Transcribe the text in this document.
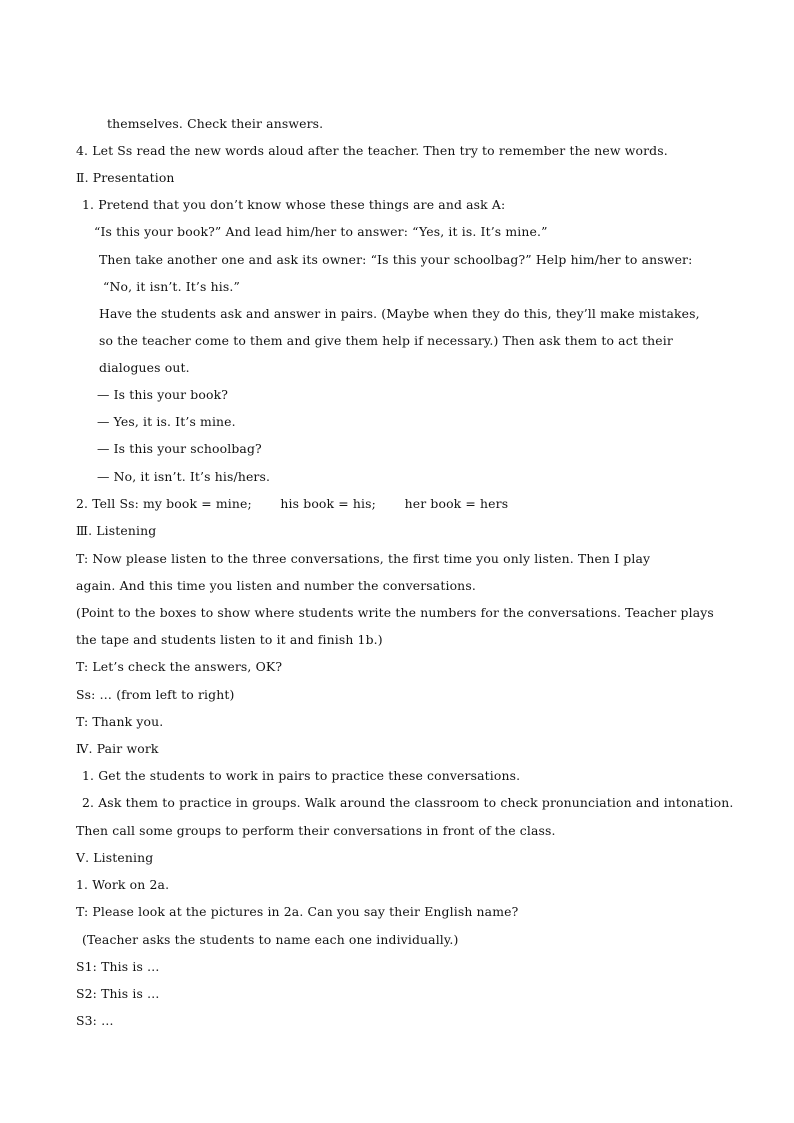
themselves. Check their answers.
4. Let Ss read the new words aloud after the teacher. Then try to remember the new words.
Ⅱ. Presentation
1. Pretend that you don’t know whose these things are and ask A:
“Is this your book?” And lead him/her to answer: “Yes, it is. It’s mine.”
Then take another one and ask its owner: “Is this your schoolbag?” Help him/her to answer:
“No, it isn’t. It’s his.”
Have the students ask and answer in pairs. (Maybe when they do this, they’ll make mistakes,
so the teacher come to them and give them help if necessary.) Then ask them to act their
dialogues out.
— Is this your book?
— Yes, it is. It’s mine.
— Is this your schoolbag?
— No, it isn’t. It’s his/hers.
2. Tell Ss: my book = mine;       his book = his;       her book = hers
Ⅲ. Listening
T: Now please listen to the three conversations, the first time you only listen. Then I play
again. And this time you listen and number the conversations.
(Point to the boxes to show where students write the numbers for the conversations. Teacher plays
the tape and students listen to it and finish 1b.)
T: Let’s check the answers, OK?
Ss: … (from left to right)
T: Thank you.
Ⅳ. Pair work
1. Get the students to work in pairs to practice these conversations.
2. Ask them to practice in groups. Walk around the classroom to check pronunciation and intonation.
Then call some groups to perform their conversations in front of the class.
Ⅴ. Listening
1. Work on 2a.
T: Please look at the pictures in 2a. Can you say their English name?
(Teacher asks the students to name each one individually.)
S1: This is …
S2: This is …
S3: …
